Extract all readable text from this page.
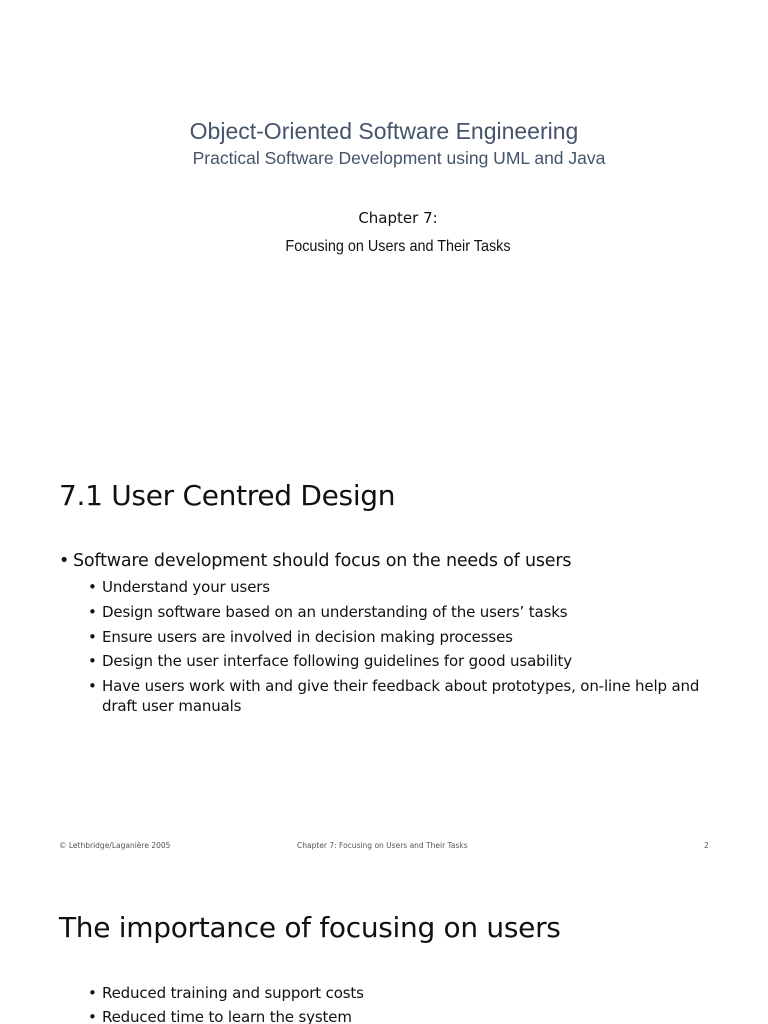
Object-Oriented Software Engineering
Practical Software Development using UML and Java
Chapter 7:
Focusing on Users and Their Tasks
7.1 User Centred Design
• Software development should focus on the needs of users
• Understand your users
• Design software based on an understanding of the users’ tasks
• Ensure users are involved in decision making processes
• Design the user interface following guidelines for good usability
• Have users work with and give their feedback about prototypes, on-line help and draft user manuals
© Lethbridge/Laganière 2005	Chapter 7: Focusing on Users and Their Tasks	2
The importance of focusing on users
• Reduced training and support costs
• Reduced time to learn the system
